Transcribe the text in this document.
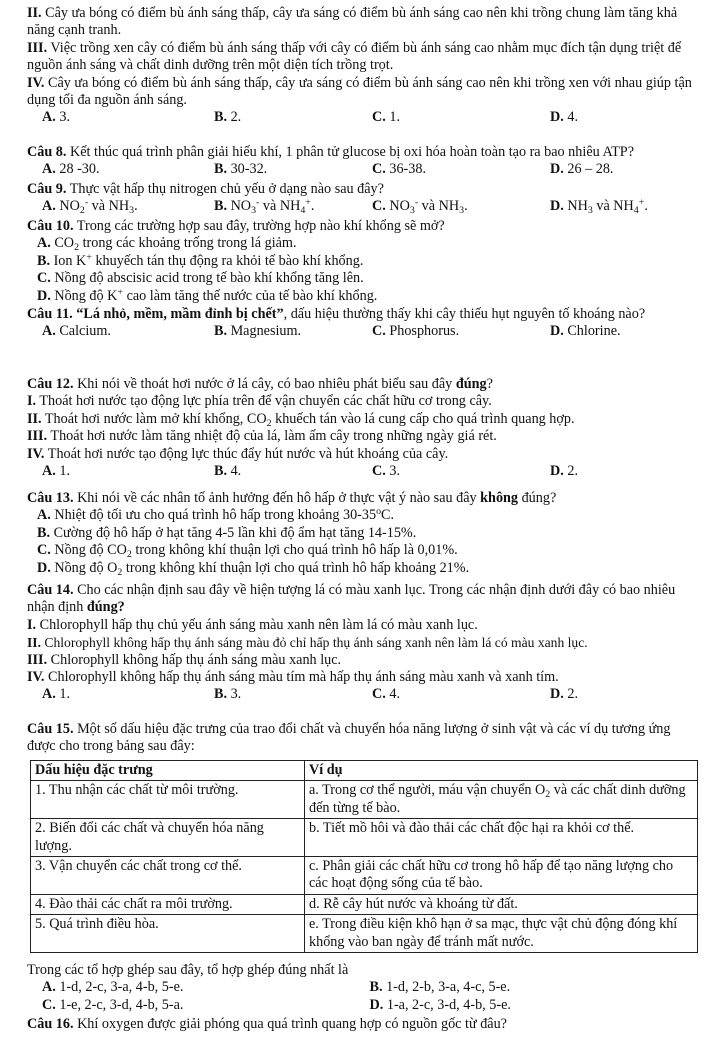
II. Cây ưa bóng có điểm bù ánh sáng thấp, cây ưa sáng có điểm bù ánh sáng cao nên khi trồng chung làm tăng khả năng cạnh tranh.

III. Việc trồng xen cây có điểm bù ánh sáng thấp với cây có điểm bù ánh sáng cao nhằm mục đích tận dụng triệt để nguồn ánh sáng và chất dinh dưỡng trên một diện tích trồng trọt.

IV. Cây ưa bóng có điểm bù ánh sáng thấp, cây ưa sáng có điểm bù ánh sáng cao nên khi trồng xen với nhau giúp tận dụng tối đa nguồn ánh sáng.

A. 3.	B. 2.	C. 1.	D. 4.

Câu 8. Kết thúc quá trình phân giải hiếu khí, 1 phân tử glucose bị oxi hóa hoàn toàn tạo ra bao nhiêu ATP?

A. 28 -30.	B. 30-32.	C. 36-38.	D. 26 – 28.

Câu 9. Thực vật hấp thụ nitrogen chủ yếu ở dạng nào sau đây?

A. $NO_2^-$ và $NH_3$.	B. $NO_3^-$ và $NH_4^+$.	C. $NO_3^-$ và $NH_3$.	D. $NH_3$ và $NH_4^+$.

Câu 10. Trong các trường hợp sau đây, trường hợp nào khí khổng sẽ mở?

A. $CO_2$ trong các khoảng trống trong lá giảm.

B. Ion K+ khuyếch tán thụ động ra khỏi tế bào khí khổng.

C. Nồng độ abscisic acid trong tế bào khí khổng tăng lên.

D. Nồng độ K+ cao làm tăng thế nước của tế bào khí khổng.

Câu 11. “Lá nhỏ, mềm, mầm đỉnh bị chết”, dấu hiệu thường thấy khi cây thiếu hụt nguyên tố khoáng nào?

A. Calcium.	B. Magnesium.	C. Phosphorus.	D. Chlorine.

Câu 12. Khi nói về thoát hơi nước ở lá cây, có bao nhiêu phát biểu sau đây đúng?

I. Thoát hơi nước tạo động lực phía trên để vận chuyển các chất hữu cơ trong cây.

II. Thoát hơi nước làm mở khí khổng, $CO_2$ khuếch tán vào lá cung cấp cho quá trình quang hợp.

III. Thoát hơi nước làm tăng nhiệt độ của lá, làm ấm cây trong những ngày giá rét.

IV. Thoát hơi nước tạo động lực thúc đẩy hút nước và hút khoáng của cây.

A. 1.	B. 4.	C. 3.	D. 2.

Câu 13. Khi nói về các nhân tố ảnh hưởng đến hô hấp ở thực vật ý nào sau đây không đúng?

A. Nhiệt độ tối ưu cho quá trình hô hấp trong khoảng 30-35$^o$C.

B. Cường độ hô hấp ở hạt tăng 4-5 lần khi độ ẩm hạt tăng 14-15%.

C. Nồng độ $CO_2$ trong không khí thuận lợi cho quá trình hô hấp là 0,01%.

D. Nồng độ $O_2$ trong không khí thuận lợi cho quá trình hô hấp khoảng 21%.

Câu 14. Cho các nhận định sau đây về hiện tượng lá có màu xanh lục. Trong các nhận định dưới đây có bao nhiêu nhận định đúng?

I. Chlorophyll hấp thụ chủ yếu ánh sáng màu xanh nên làm lá có màu xanh lục.

II. Chlorophyll không hấp thụ ánh sáng màu đỏ chỉ hấp thụ ánh sáng xanh nên làm lá có màu xanh lục.

III. Chlorophyll không hấp thụ ánh sáng màu xanh lục.

IV. Chlorophyll không hấp thụ ánh sáng màu tím mà hấp thụ ánh sáng màu xanh và xanh tím.

A. 1.	B. 3.	C. 4.	D. 2.

Câu 15. Một số dấu hiệu đặc trưng của trao đổi chất và chuyển hóa năng lượng ở sinh vật và các ví dụ tương ứng được cho trong bảng sau đây:

Dấu hiệu đặc trưng	Ví dụ
1. Thu nhận các chất từ môi trường.	a. Trong cơ thể người, máu vận chuyển $O_2$ và các chất dinh dưỡng đến từng tế bào.
2. Biến đổi các chất và chuyển hóa năng lượng.	b. Tiết mồ hôi và đào thải các chất độc hại ra khỏi cơ thể.
3. Vận chuyển các chất trong cơ thể.	c. Phân giải các chất hữu cơ trong hô hấp để tạo năng lượng cho các hoạt động sống của tế bào.
4. Đào thải các chất ra môi trường.	d. Rễ cây hút nước và khoáng từ đất.
5. Quá trình điều hòa.	e. Trong điều kiện khô hạn ở sa mạc, thực vật chủ động đóng khí khổng vào ban ngày để tránh mất nước.

Trong các tổ hợp ghép sau đây, tổ hợp ghép đúng nhất là

A. 1-d, 2-c, 3-a, 4-b, 5-e.	B. 1-d, 2-b, 3-a, 4-c, 5-e.
C. 1-e, 2-c, 3-d, 4-b, 5-a.	D. 1-a, 2-c, 3-d, 4-b, 5-e.

Câu 16. Khí oxygen được giải phóng qua quá trình quang hợp có nguồn gốc từ đâu?
